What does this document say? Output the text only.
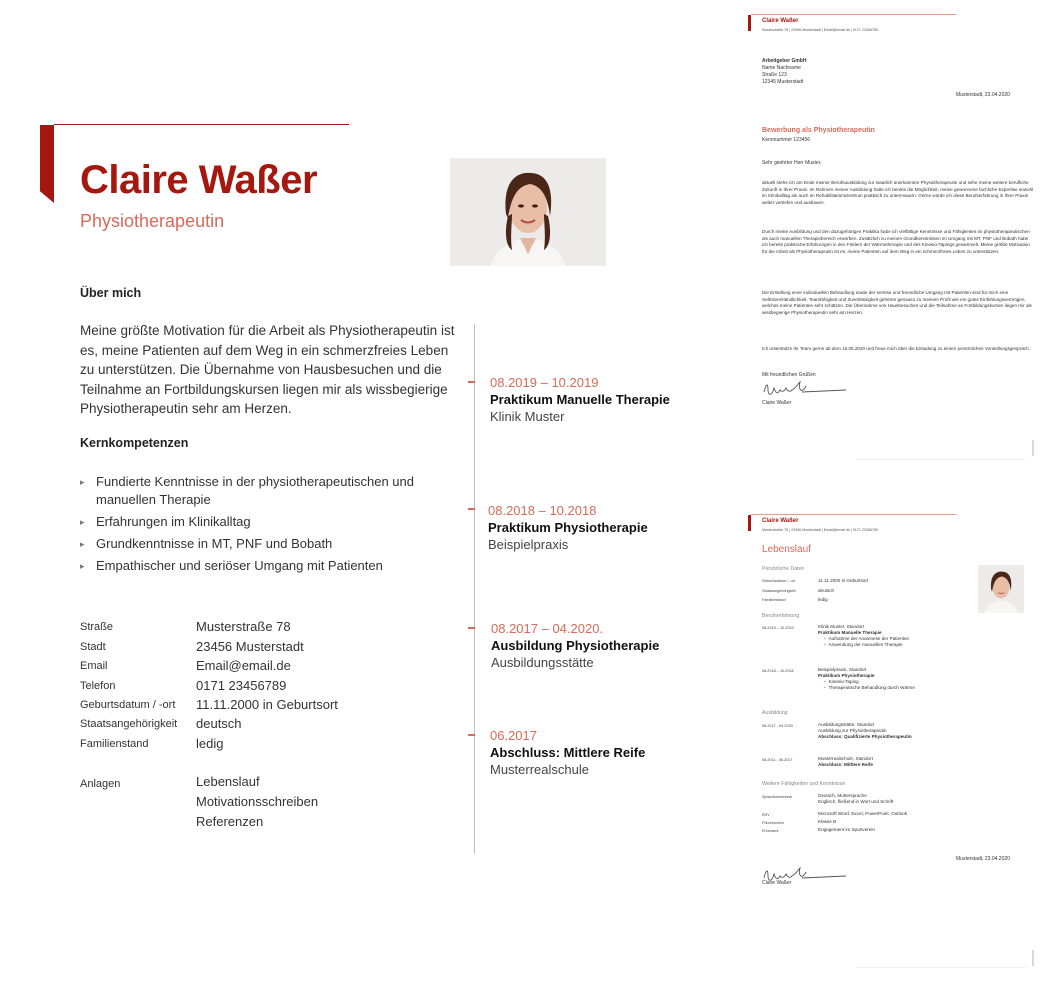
Claire Waßer
Physiotherapeutin
Über mich
Meine größte Motivation für die Arbeit als Physiotherapeutin ist es, meine Patienten auf dem Weg in ein schmerzfreies Leben zu unterstützen. Die Übernahme von Hausbesuchen und die Teilnahme an Fortbildungskursen liegen mir als wissbegierige Physiotherapeutin sehr am Herzen.
Kernkompetenzen
▸ Fundierte Kenntnisse in der physiotherapeutischen und manuellen Therapie
▸ Erfahrungen im Klinikalltag
▸ Grundkenntnisse in MT, PNF und Bobath
▸ Empathischer und seriöser Umgang mit Patienten
Straße	Musterstraße 78
Stadt	23456 Musterstadt
Email	Email@email.de
Telefon	0171 23456789
Geburtsdatum / -ort 11.11.2000 in Geburtsort
Staatsangehörigkeit deutsch
Familienstand	ledig
Anlagen	Lebenslauf
Motivationsschreiben
Referenzen
08.2019 – 10.2019
Praktikum Manuelle Therapie
Klinik Muster
08.2018 – 10.2018
Praktikum Physiotherapie
Beispielpraxis
08.2017 – 04.2020.
Ausbildung Physiotherapie
Ausbildungsstätte
06.2017
Abschluss: Mittlere Reife
Musterrealschule
Claire Waßer
Musterstraße 78 | 23456 Musterstadt | Email@email.de | 0171 23456789
Arbeitgeber GmbH
Name Nachname
Straße 123
12345 Musterstadt
Musterstadt, 23.04.2020
Bewerbung als Physiotherapeutin
Kennnummer 123456
Sehr geehrter Herr Muster,
aktuell stehe ich am Ende meiner Berufsausbildung zur staatlich anerkannten Physiotherapeutin und sehe meine weitere berufliche Zukunft in Ihrer Praxis. Im Rahmen meiner Ausbildung hatte ich bereits die Möglichkeit, meine gewonnene fachliche Expertise sowohl im Klinikalltag als auch im Rehabilitationszentrum praktisch zu untermauern. Gerne würde ich diese Berufserfahrung in Ihrer Praxis weiter vertiefen und ausbauen.
Durch meine Ausbildung und den dazugehörigen Praktika habe ich vielfältige Kenntnisse und Fähigkeiten im physiotherapeutischen als auch manuellen Therapiebereich erworben. Zusätzlich zu meinen Grundkenntnissen im Umgang mit MT, PNF und Bobath habe ich bereits praktische Erfahrungen in den Feldern der Wärmetherapie und des Kinesio-Tapings gesammelt. Meine größte Motivation für die Arbeit als Physiotherapeutin ist es, meine Patienten auf dem Weg in ein schmerzfreies Leben zu unterstützen.
Die Erstellung einer individuellen Behandlung sowie der seriöse und freundliche Umgang mit Patienten sind für mich eine Selbstverständlichkeit. Teamfähigkeit und Zuverlässigkeit gehören genauso zu meinem Profil wie ein gutes Einfühlungsvermögen, welches meine Patienten sehr schätzen. Die Übernahme von Hausbesuchen und die Teilnahme an Fortbildungskursen liegen mir als wissbegierige Physiotherapeutin sehr am Herzen.
Ich unterstütze Ihr Team gerne ab dem 15.05.2020 und freue mich über die Einladung zu einem persönlichen Vorstellungsgespräch.
Mit freundlichen Grüßen
Claire Waßer
Claire Waßer
Musterstraße 78 | 23456 Musterstadt | Email@email.de | 0171 23456789
Lebenslauf
Persönliche Daten
Geburtsdatum / -ort	11.11.2000 in Geburtsort
Staatsangehörigkeit	deutsch
Familienstand	ledig
Berufserfahrung
08.2019 – 10.2019	Klinik Muster, Standort
Praktikum Manuelle Therapie
• Aufnahme der Anamnese der Patienten
• Anwendung der manuellen Therapie
08.2018 – 10.2018	Beispielpraxis, Standort
Praktikum Physiotherapie
• Kinesio-Taping
• Therapeutische Behandlung durch Wärme
Ausbildung
08.2017 - 04.2020	Ausbildungsstätte, Standort
Ausbildung zur Physiotherapeutin
Abschluss: Qualifizierte Physiotherapeutin
08.2011 - 06.2017	Musterrealschule, Standort
Abschluss: Mittlere Reife
Weitere Fähigkeiten und Kenntnisse
Sprachkenntnisse	Deutsch, Muttersprache
Englisch, fließend in Wort und Schrift
EDV	Microsoft Word, Excel, PowerPoint, Outlook
Führerschein	Klasse B
Ehrenamt	Engagement im Sportverein
Musterstadt, 23.04.2020
Claire Waßer
